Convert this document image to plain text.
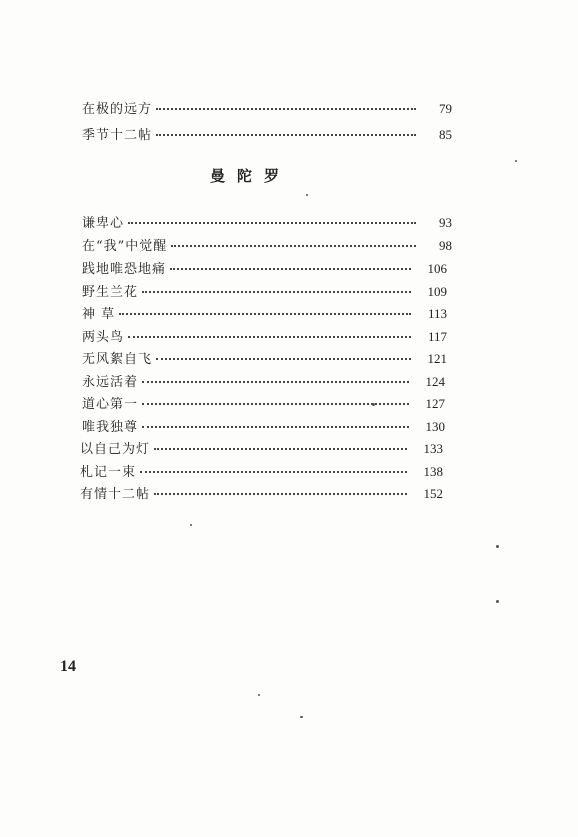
在极的远方	79
季节十二帖	85
曼陀罗
谦卑心	93
在“我”中觉醒	98
践地唯恐地痛	106
野生兰花	109
神 草	113
两头鸟	117
无风絮自飞	121
永远活着	124
道心第一	127
唯我独尊	130
以自己为灯	133
札记一束	138
有情十二帖	152
14
